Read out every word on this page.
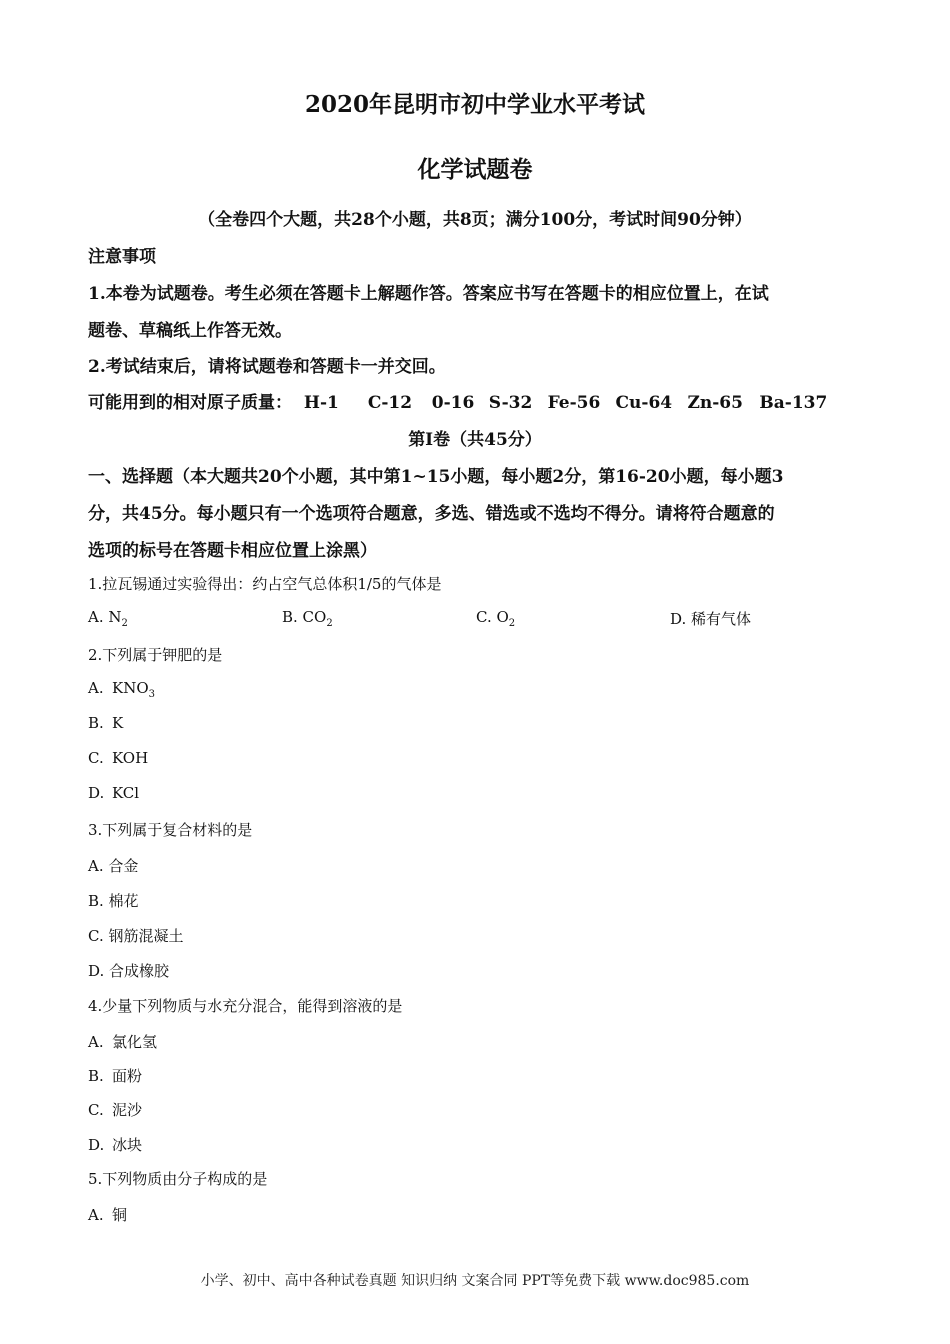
2020年昆明市初中学业水平考试
化学试题卷
（全卷四个大题，共28个小题，共8页；满分100分，考试时间90分钟）
注意事项
1.本卷为试题卷。考生必须在答题卡上解题作答。答案应书写在答题卡的相应位置上，在试
题卷、草稿纸上作答无效。
2.考试结束后，请将试题卷和答题卡一并交回。
可能用到的相对原子质量： H-1 C-12 0-16 S-32 Fe-56 Cu-64 Zn-65 Ba-137
第Ⅰ卷（共45分）
一、选择题（本大题共20个小题，其中第1~15小题，每小题2分，第16-20小题，每小题3
分，共45分。每小题只有一个选项符合题意，多选、错选或不选均不得分。请将符合题意的
选项的标号在答题卡相应位置上涂黑）
1.拉瓦锡通过实验得出：约占空气总体积1/5的气体是
A. $N_2$	B. $CO_2$	C. $O_2$	D. 稀有气体
2.下列属于钾肥的是
A. $KNO_3$
B. K
C. KOH
D. KCl
3.下列属于复合材料的是
A. 合金
B. 棉花
C. 钢筋混凝土
D. 合成橡胶
4.少量下列物质与水充分混合，能得到溶液的是
A. 氯化氢
B. 面粉
C. 泥沙
D. 冰块
5.下列物质由分子构成的是
A. 铜
小学、初中、高中各种试卷真题 知识归纳 文案合同 PPT等免费下载 www.doc985.com
